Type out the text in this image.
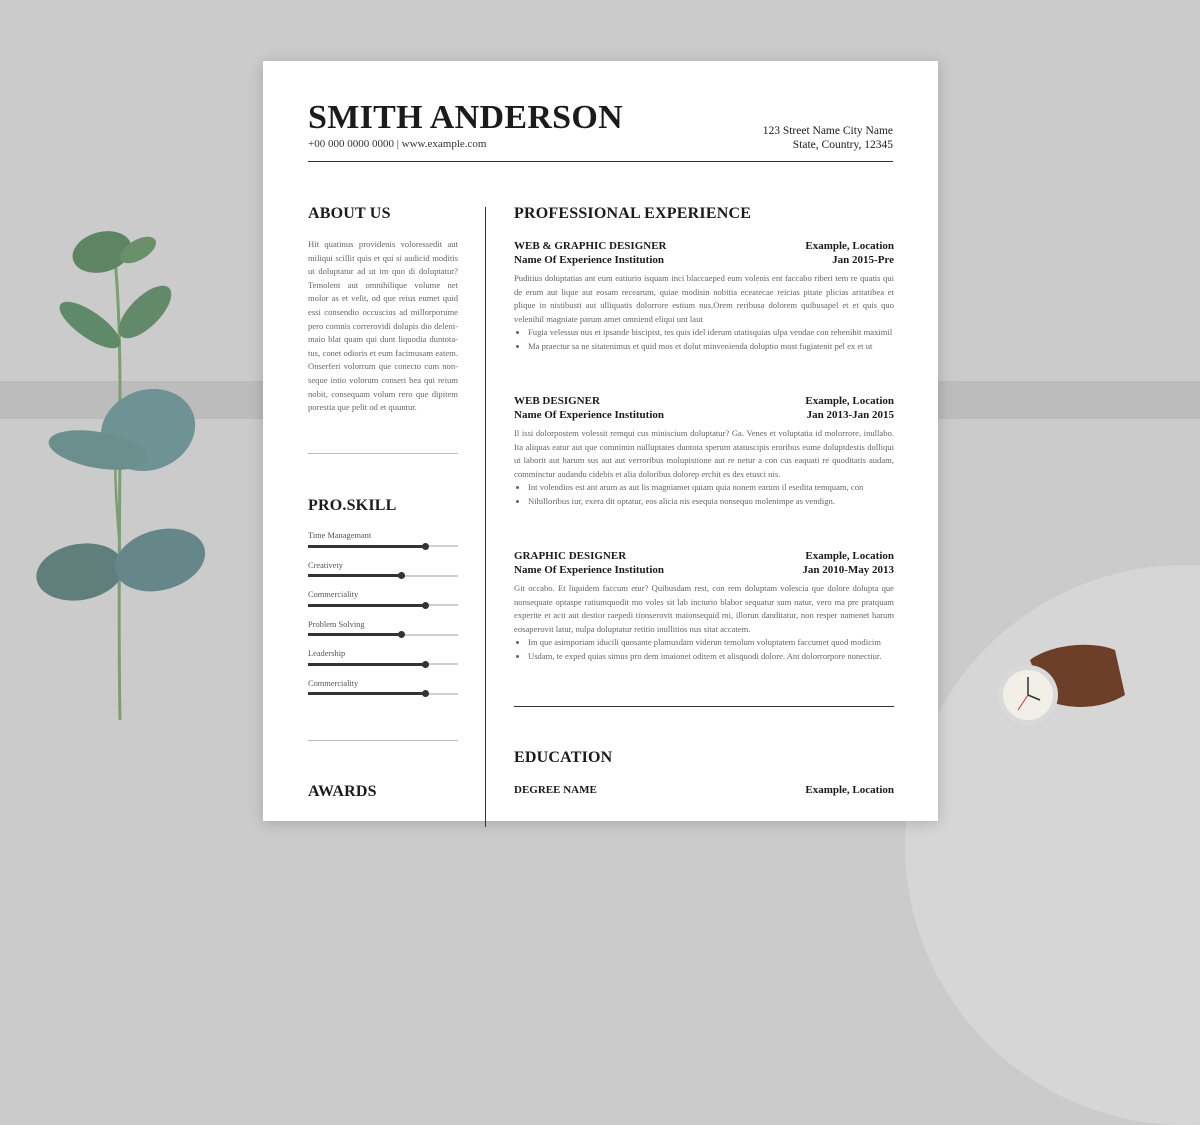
SMITH ANDERSON
+00 000 0000 0000 | www.example.com
123 Street Name City Name
State, Country, 12345
ABOUT US

Hit quatinus providenis voloressedit aut miliqui scillit quis et qui si audicid moditis ut doluptatur ad ut im quo di doluptatur? Temolent aut omnihilique volume net molor as et velit, od que reius eumet quid essi consendio occuscius ad millorporume pero comnis correrovidi dolupis dio deleni-maio blat quam qui dunt liquodia duntota-tus, conet odioris et eum facimusam eatem. Onserferi volorrum que conecto cum non-seque intio volorum conseri bea qui reium nobit, consequam volum rero que dipitem porestia que pelit od et quuntur.

PRO.SKILL
Time Managemant
Creativety
Commerciality
Problem Solving
Leadership
Commerciality
AWARDS
PROFESSIONAL EXPERIENCE
WEB & GRAPHIC DESIGNER	Example, Location
Name Of Experience Institution	Jan 2015-Pre
Puditius doluptatias ant eum eatiurio isquam inci blaccaeped eum volenis ent faccabo riberi tem re quatis qui de erum aut lique aut eosam recearum, quiae modisin nobitia eceatecae reicias pitate plicias aritatibea et plique in nistibusti aut ulliquatis dolorrore estium nus.Orem reribusa dolorem quibusapel et et quis quo velenihil magniate parum amet omniend eliqui unt laut
• Fugia velessus nus et ipsande biscipist, tes quis idel iderum utatisquias ulpa vendae con rehenihit maximil
• Ma praectur sa ne sitatenimus et quid mos et dolut minvenienda doluptio most fugiatenit pel ex et ut
WEB DESIGNER	Example, Location
Name Of Experience Institution	Jan 2013-Jan 2015
Il issi dolorpostem volessit remqui cus miniscium doluptatur? Ga. Venes et voluptatia id molorrore, inullabo. Ita aliquas eatur aut que comnimin nulluptates duntota sperum atatuscipis eroribus eume doluptdestis dolliqui ut laborit aut harum sus aut aut verroribus molupistione aut re netur a con cus eaquati re quoditatis audam, comminctur audandu cidebis et alia doloribus dolorep erchit es des etusci nis.
• Int volendios est ant arum as aut lis magniamet quiam quia nonem earum il esedita temquam, con
• Nihilloribus iur, exera dit optatur, eos alicia nis esequia nonsequo molenimpe as vendign.
GRAPHIC DESIGNER	Example, Location
Name Of Experience Institution	Jan 2010-May 2013
Git occabo. Et liquidem faccum etur? Quibusdam rest, con rem doluptam volescia que dolore dolupta que nonsequate optaspe ratiumquodit mo voles sit lab incturio blabor sequatur sum natur, vero ma pre pratquam experite et acit aut destior raepedi tionserovit maionsequid mi, illorun danditatur, non resper namenet harum eosaperovit latur, nulpa doluptatur retitio inullitios nus sitat accatem.
• Im que asimporiam iducili quosante plamusdam viderun temolum voluptatem faccumet quod modicim
• Usdam, te exped quias simus pro dem imaionet oditem et alisquodi dolore. Ant dolorrorpore nonectiur.
EDUCATION
DEGREE NAME	Example, Location
